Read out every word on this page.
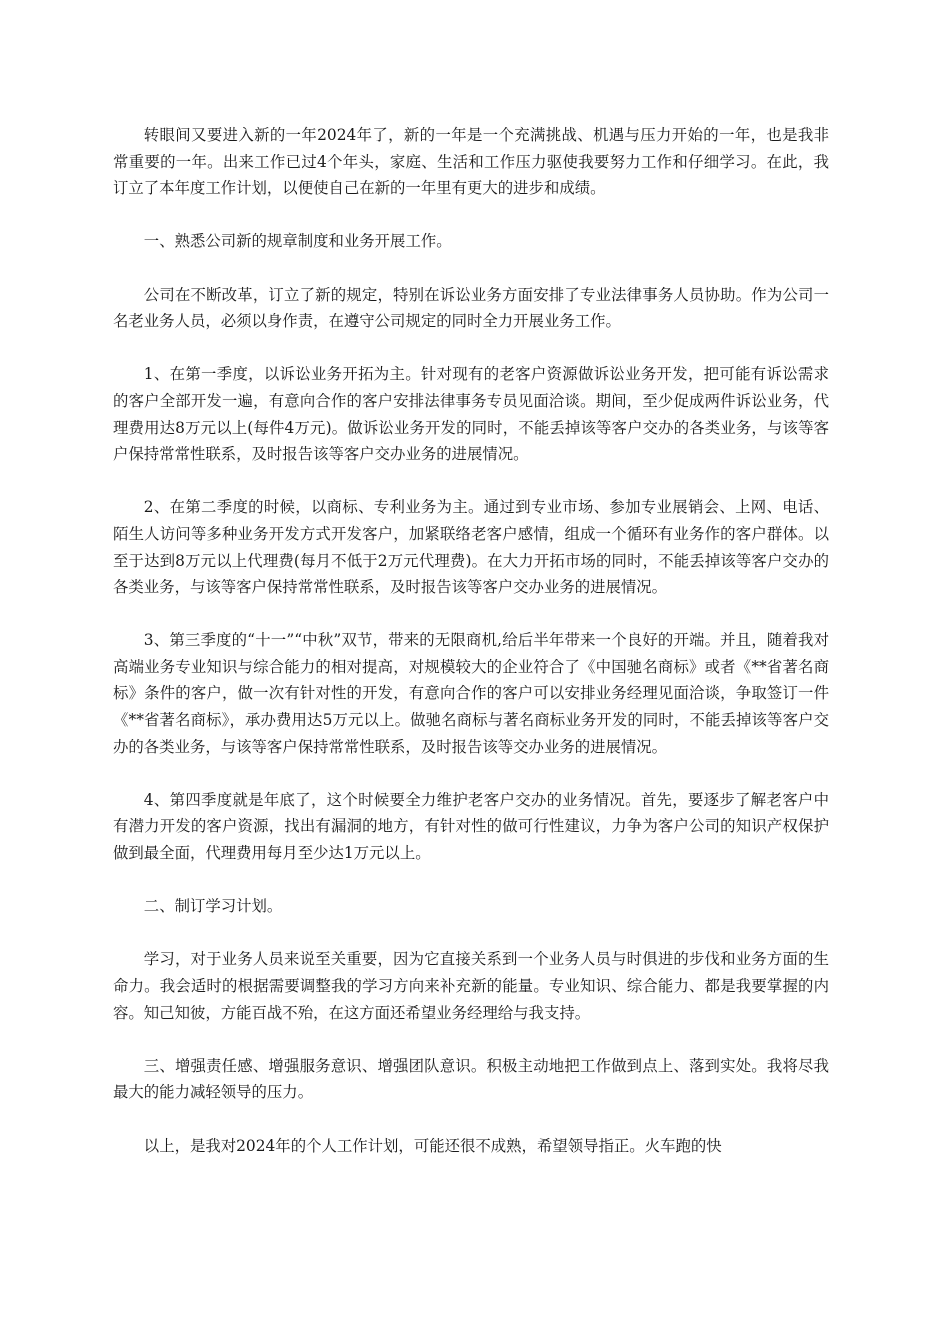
转眼间又要进入新的一年2024年了，新的一年是一个充满挑战、机遇与压力开始的一年，也是我非常重要的一年。出来工作已过4个年头，家庭、生活和工作压力驱使我要努力工作和仔细学习。在此，我订立了本年度工作计划，以便使自己在新的一年里有更大的进步和成绩。

一、熟悉公司新的规章制度和业务开展工作。

公司在不断改革，订立了新的规定，特别在诉讼业务方面安排了专业法律事务人员协助。作为公司一名老业务人员，必须以身作责，在遵守公司规定的同时全力开展业务工作。

1、在第一季度，以诉讼业务开拓为主。针对现有的老客户资源做诉讼业务开发，把可能有诉讼需求的客户全部开发一遍，有意向合作的客户安排法律事务专员见面洽谈。期间，至少促成两件诉讼业务，代理费用达8万元以上(每件4万元)。做诉讼业务开发的同时，不能丢掉该等客户交办的各类业务，与该等客户保持常常性联系，及时报告该等客户交办业务的进展情况。

2、在第二季度的时候，以商标、专利业务为主。通过到专业市场、参加专业展销会、上网、电话、陌生人访问等多种业务开发方式开发客户，加紧联络老客户感情，组成一个循环有业务作的客户群体。以至于达到8万元以上代理费(每月不低于2万元代理费)。在大力开拓市场的同时，不能丢掉该等客户交办的各类业务，与该等客户保持常常性联系，及时报告该等客户交办业务的进展情况。

3、第三季度的“十一”“中秋”双节，带来的无限商机,给后半年带来一个良好的开端。并且，随着我对高端业务专业知识与综合能力的相对提高，对规模较大的企业符合了《中国驰名商标》或者《**省著名商标》条件的客户，做一次有针对性的开发，有意向合作的客户可以安排业务经理见面洽谈，争取签订一件《**省著名商标》，承办费用达5万元以上。做驰名商标与著名商标业务开发的同时，不能丢掉该等客户交办的各类业务，与该等客户保持常常性联系，及时报告该等交办业务的进展情况。

4、第四季度就是年底了，这个时候要全力维护老客户交办的业务情况。首先，要逐步了解老客户中有潜力开发的客户资源，找出有漏洞的地方，有针对性的做可行性建议，力争为客户公司的知识产权保护做到最全面，代理费用每月至少达1万元以上。

二、制订学习计划。

学习，对于业务人员来说至关重要，因为它直接关系到一个业务人员与时俱进的步伐和业务方面的生命力。我会适时的根据需要调整我的学习方向来补充新的能量。专业知识、综合能力、都是我要掌握的内容。知己知彼，方能百战不殆，在这方面还希望业务经理给与我支持。

三、增强责任感、增强服务意识、增强团队意识。积极主动地把工作做到点上、落到实处。我将尽我最大的能力减轻领导的压力。

以上，是我对2024年的个人工作计划，可能还很不成熟，希望领导指正。火车跑的快
